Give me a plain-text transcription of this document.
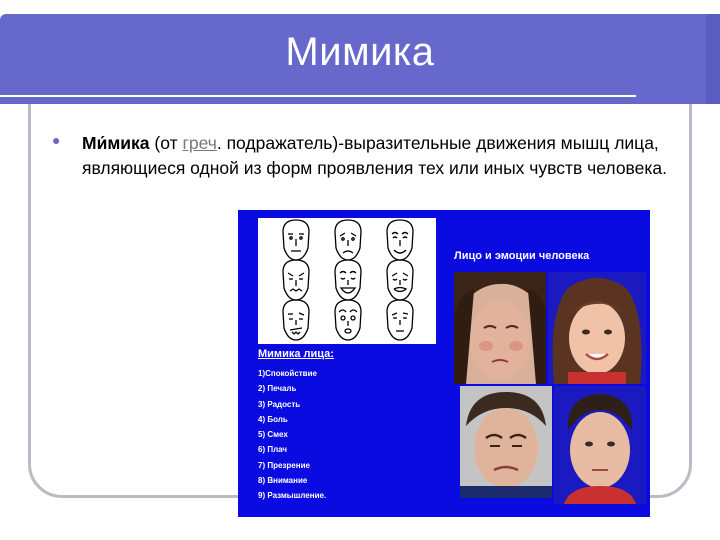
Мимика
● Ми́мика (от греч. подражатель)-выразительные движения мышц лица, являющиеся одной из форм проявления тех или иных чувств человека.
Лицо и эмоции человека
Мимика лица:
1)Спокойствие
2) Печаль
3) Радость
4) Боль
5) Смех
6) Плач
7) Презрение
8) Внимание
9) Размышление.
